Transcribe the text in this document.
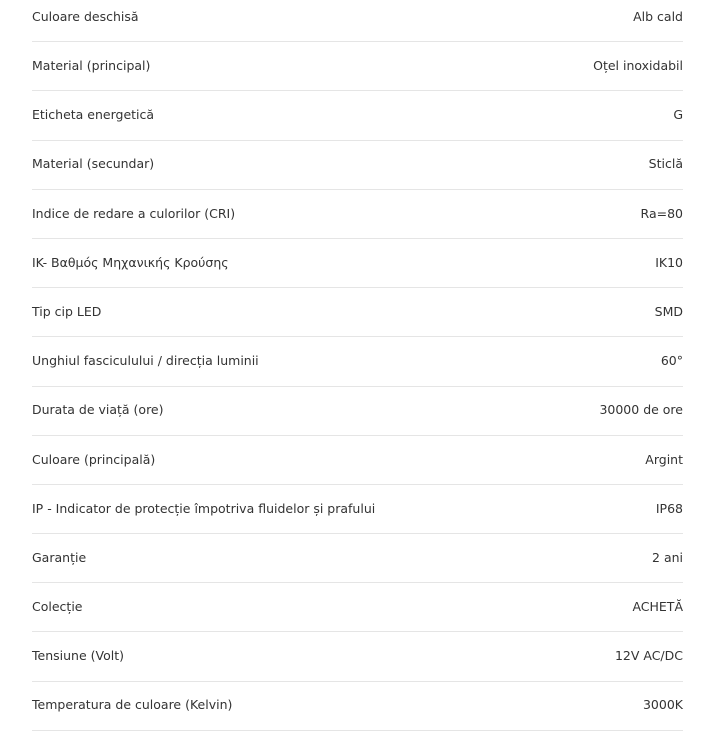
Culoare deschisă	Alb cald
Material (principal)	Oțel inoxidabil
Eticheta energetică	G
Material (secundar)	Sticlă
Indice de redare a culorilor (CRI)	Ra=80
IK- Βαθμός Μηχανικής Κρούσης	IK10
Tip cip LED	SMD
Unghiul fasciculului / direcția luminii	60°
Durata de viață (ore)	30000 de ore
Culoare (principală)	Argint
IP - Indicator de protecție împotriva fluidelor și prafului	IP68
Garanție	2 ani
Colecție	ACHETĂ
Tensiune (Volt)	12V AC/DC
Temperatura de culoare (Kelvin)	3000K
